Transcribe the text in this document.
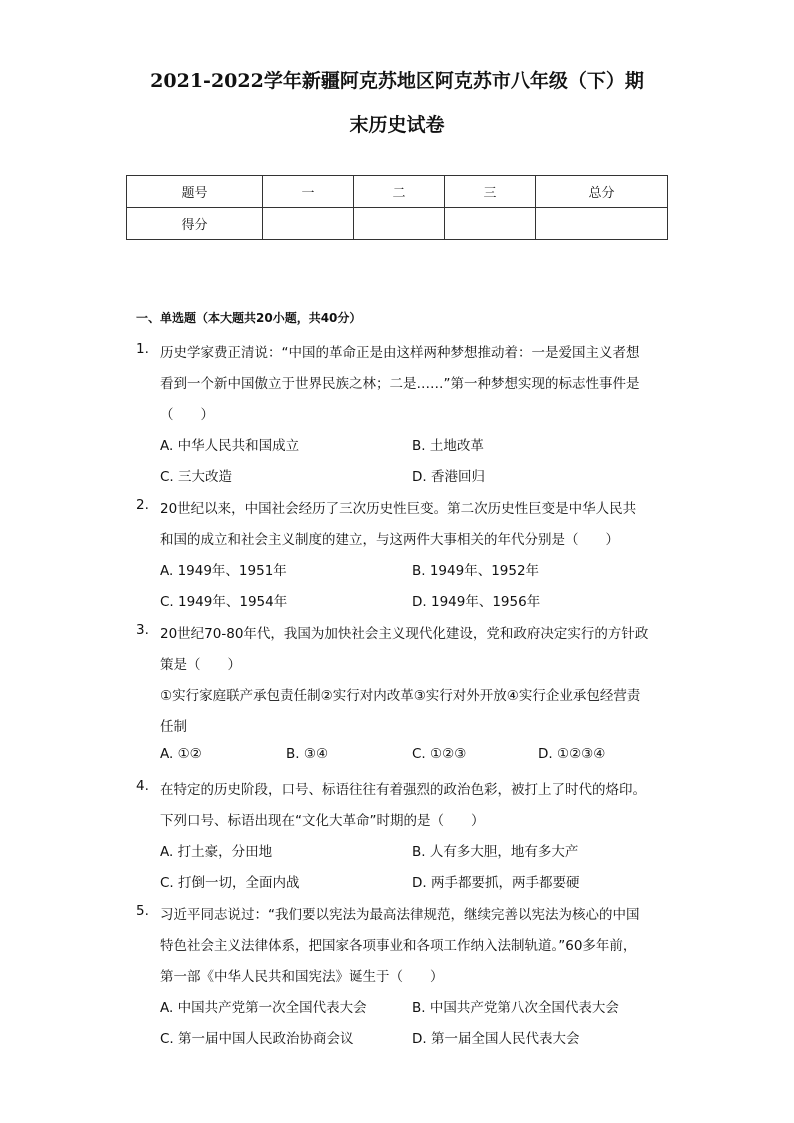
2021-2022学年新疆阿克苏地区阿克苏市八年级（下）期
末历史试卷
题号	一	二	三	总分
得分				
一、单选题（本大题共20小题，共40分）
1. 历史学家费正清说：“中国的革命正是由这样两种梦想推动着：一是爱国主义者想
看到一个新中国傲立于世界民族之林；二是……”第一种梦想实现的标志性事件是
（　　）
A. 中华人民共和国成立	B. 土地改革
C. 三大改造	D. 香港回归
2. 20世纪以来，中国社会经历了三次历史性巨变。第二次历史性巨变是中华人民共
和国的成立和社会主义制度的建立，与这两件大事相关的年代分别是（　　）
A. 1949年、1951年	B. 1949年、1952年
C. 1949年、1954年	D. 1949年、1956年
3. 20世纪70-80年代，我国为加快社会主义现代化建设，党和政府决定实行的方针政
策是（　　）
①实行家庭联产承包责任制②实行对内改革③实行对外开放④实行企业承包经营责
任制
A. ①②	B. ③④	C. ①②③	D. ①②③④
4. 在特定的历史阶段，口号、标语往往有着强烈的政治色彩，被打上了时代的烙印。
下列口号、标语出现在“文化大革命”时期的是（　　）
A. 打土豪，分田地	B. 人有多大胆，地有多大产
C. 打倒一切，全面内战	D. 两手都要抓，两手都要硬
5. 习近平同志说过：“我们要以宪法为最高法律规范，继续完善以宪法为核心的中国
特色社会主义法律体系，把国家各项事业和各项工作纳入法制轨道。”60多年前，
第一部《中华人民共和国宪法》诞生于（　　）
A. 中国共产党第一次全国代表大会	B. 中国共产党第八次全国代表大会
C. 第一届中国人民政治协商会议	D. 第一届全国人民代表大会
